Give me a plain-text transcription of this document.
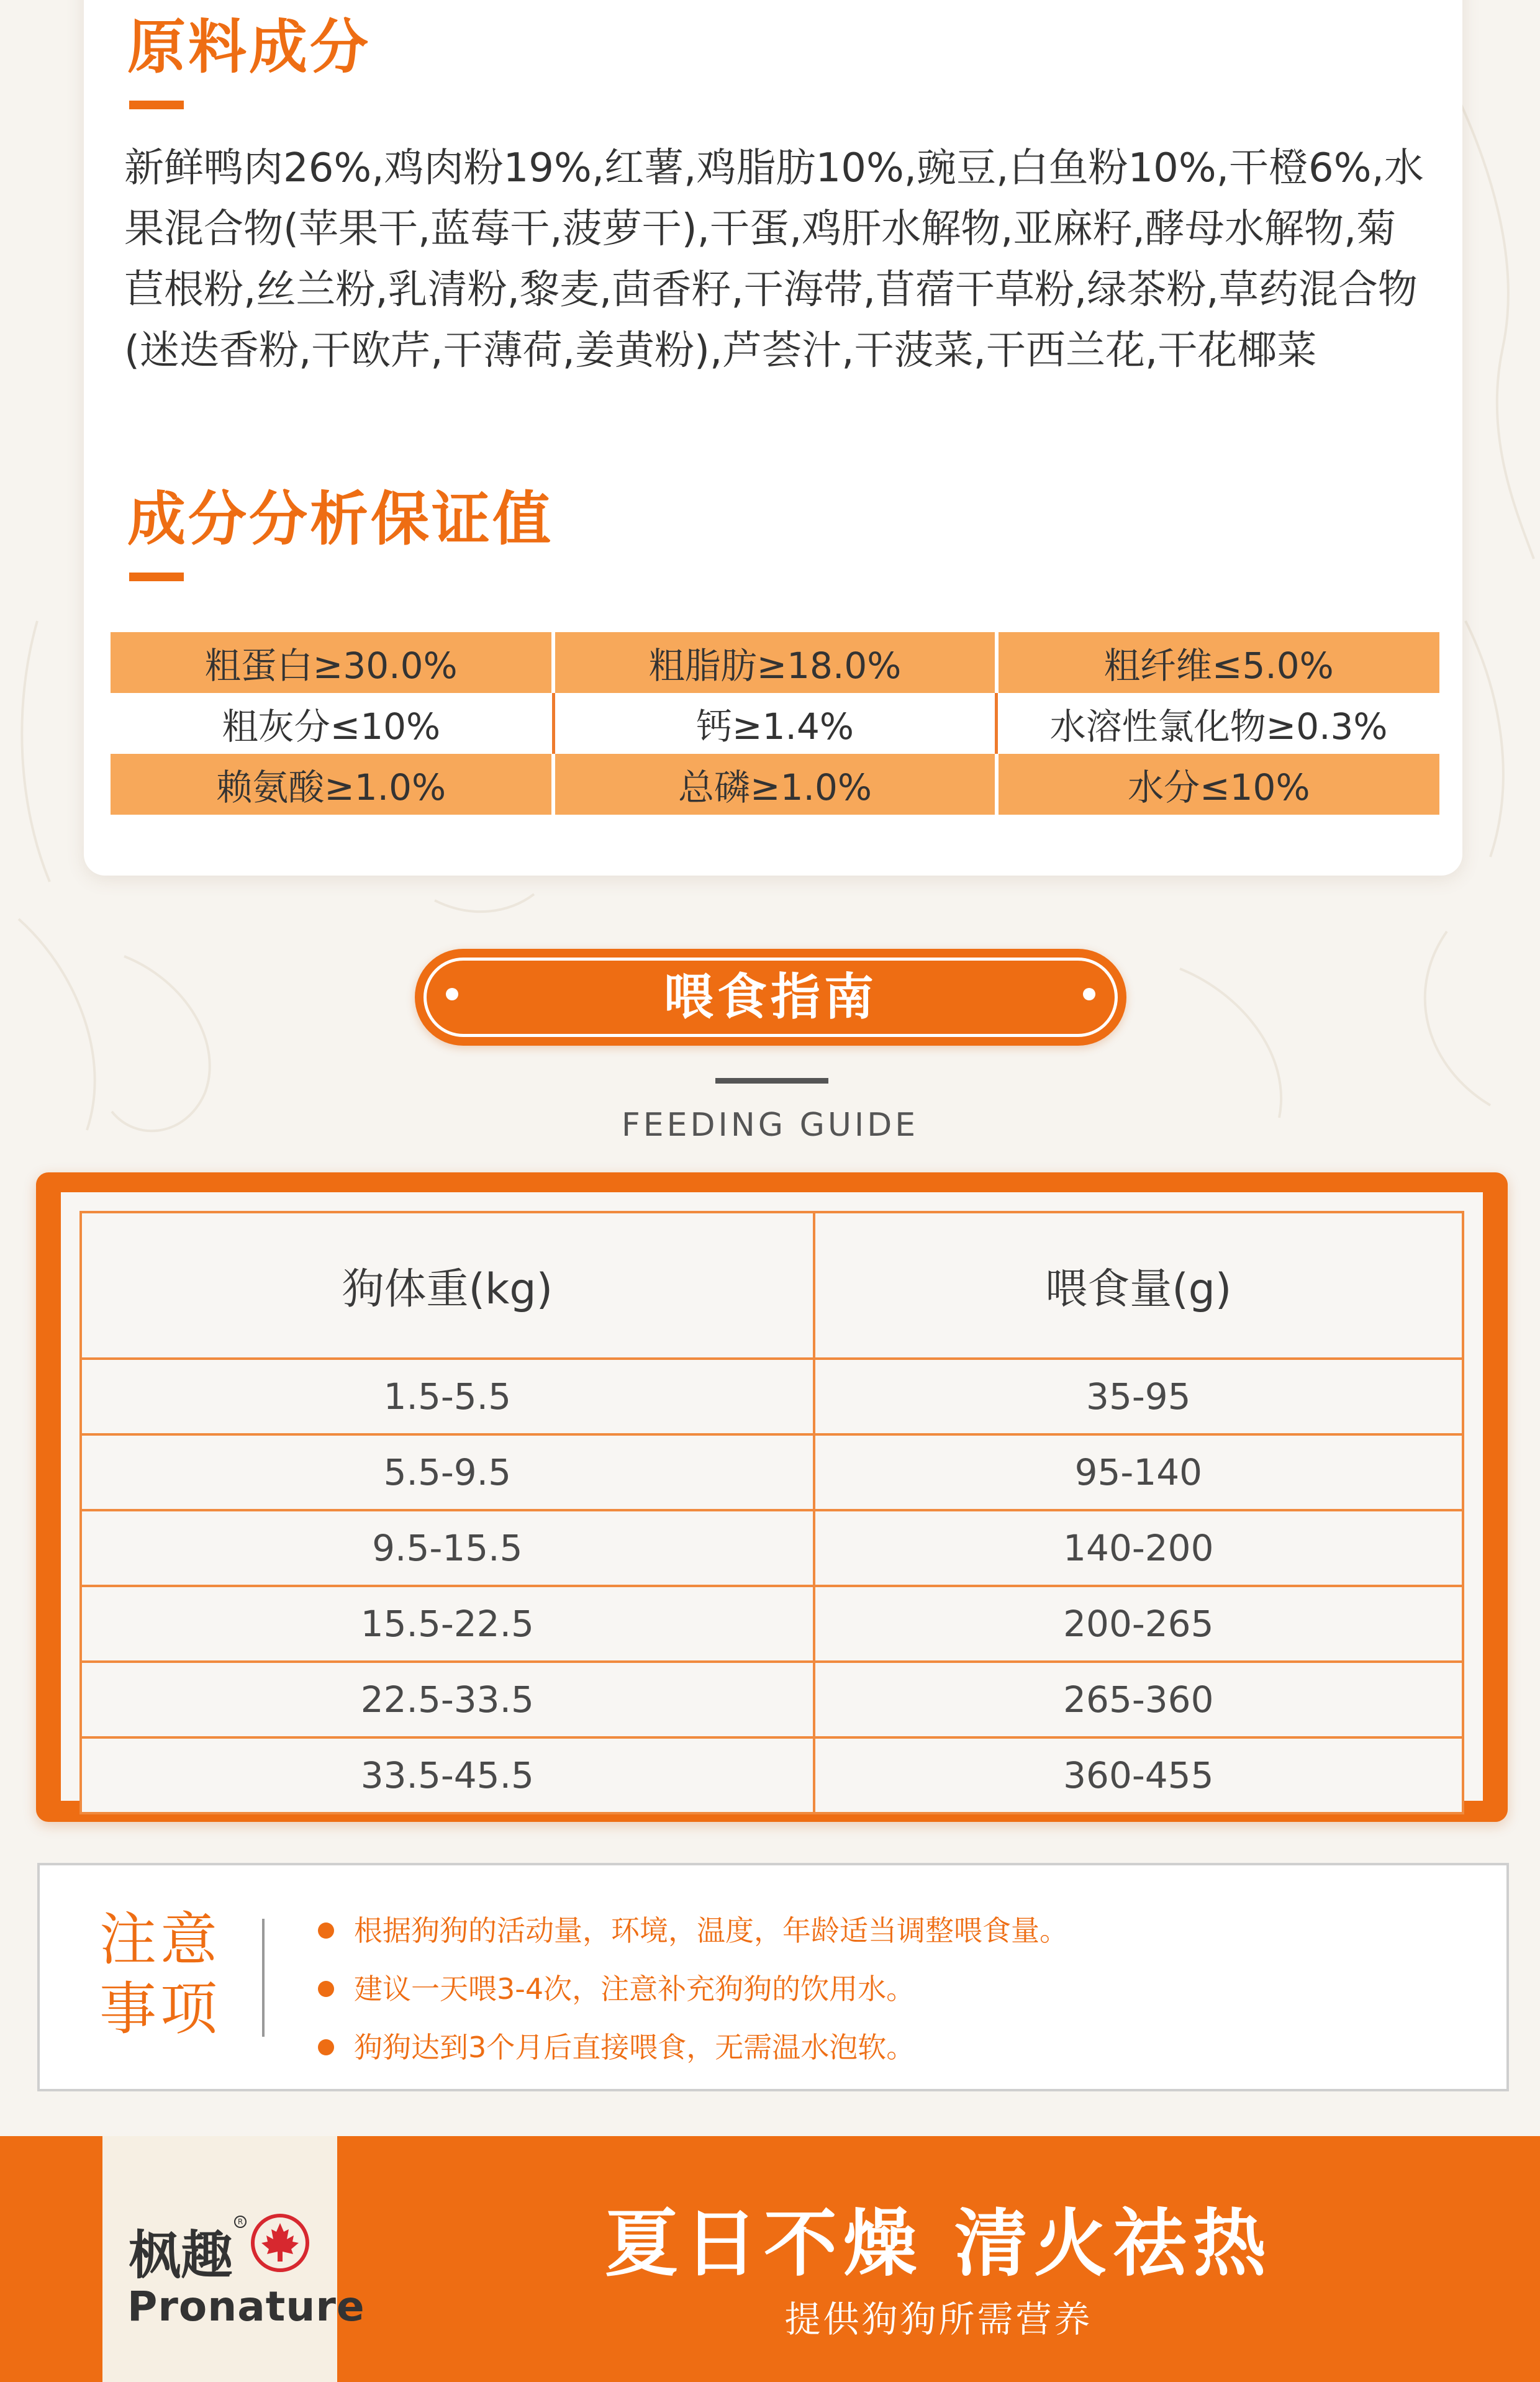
原料成分

新鲜鸭肉26%,鸡肉粉19%,红薯,鸡脂肪10%,豌豆,白鱼粉10%,干橙6%,水果混合物(苹果干,蓝莓干,菠萝干),干蛋,鸡肝水解物,亚麻籽,酵母水解物,菊苣根粉,丝兰粉,乳清粉,黎麦,茴香籽,干海带,苜蓿干草粉,绿茶粉,草药混合物(迷迭香粉,干欧芹,干薄荷,姜黄粉),芦荟汁,干菠菜,干西兰花,干花椰菜

成分分析保证值
粗蛋白≥30.0%	粗脂肪≥18.0%	粗纤维≤5.0%
粗灰分≤10%	钙≥1.4%	水溶性氯化物≥0.3%
赖氨酸≥1.0%	总磷≥1.0%	水分≤10%
喂食指南
FEEDING GUIDE
狗体重(kg)	喂食量(g)
1.5-5.5	35-95
5.5-9.5	95-140
9.5-15.5	140-200
15.5-22.5	200-265
22.5-33.5	265-360
33.5-45.5	360-455
注意
事项
根据狗狗的活动量，环境，温度，年龄适当调整喂食量。
建议一天喂3-4次，注意补充狗狗的饮用水。
狗狗达到3个月后直接喂食，无需温水泡软。
枫趣
R
Pronature
夏日不燥 清火祛热
提供狗狗所需营养
